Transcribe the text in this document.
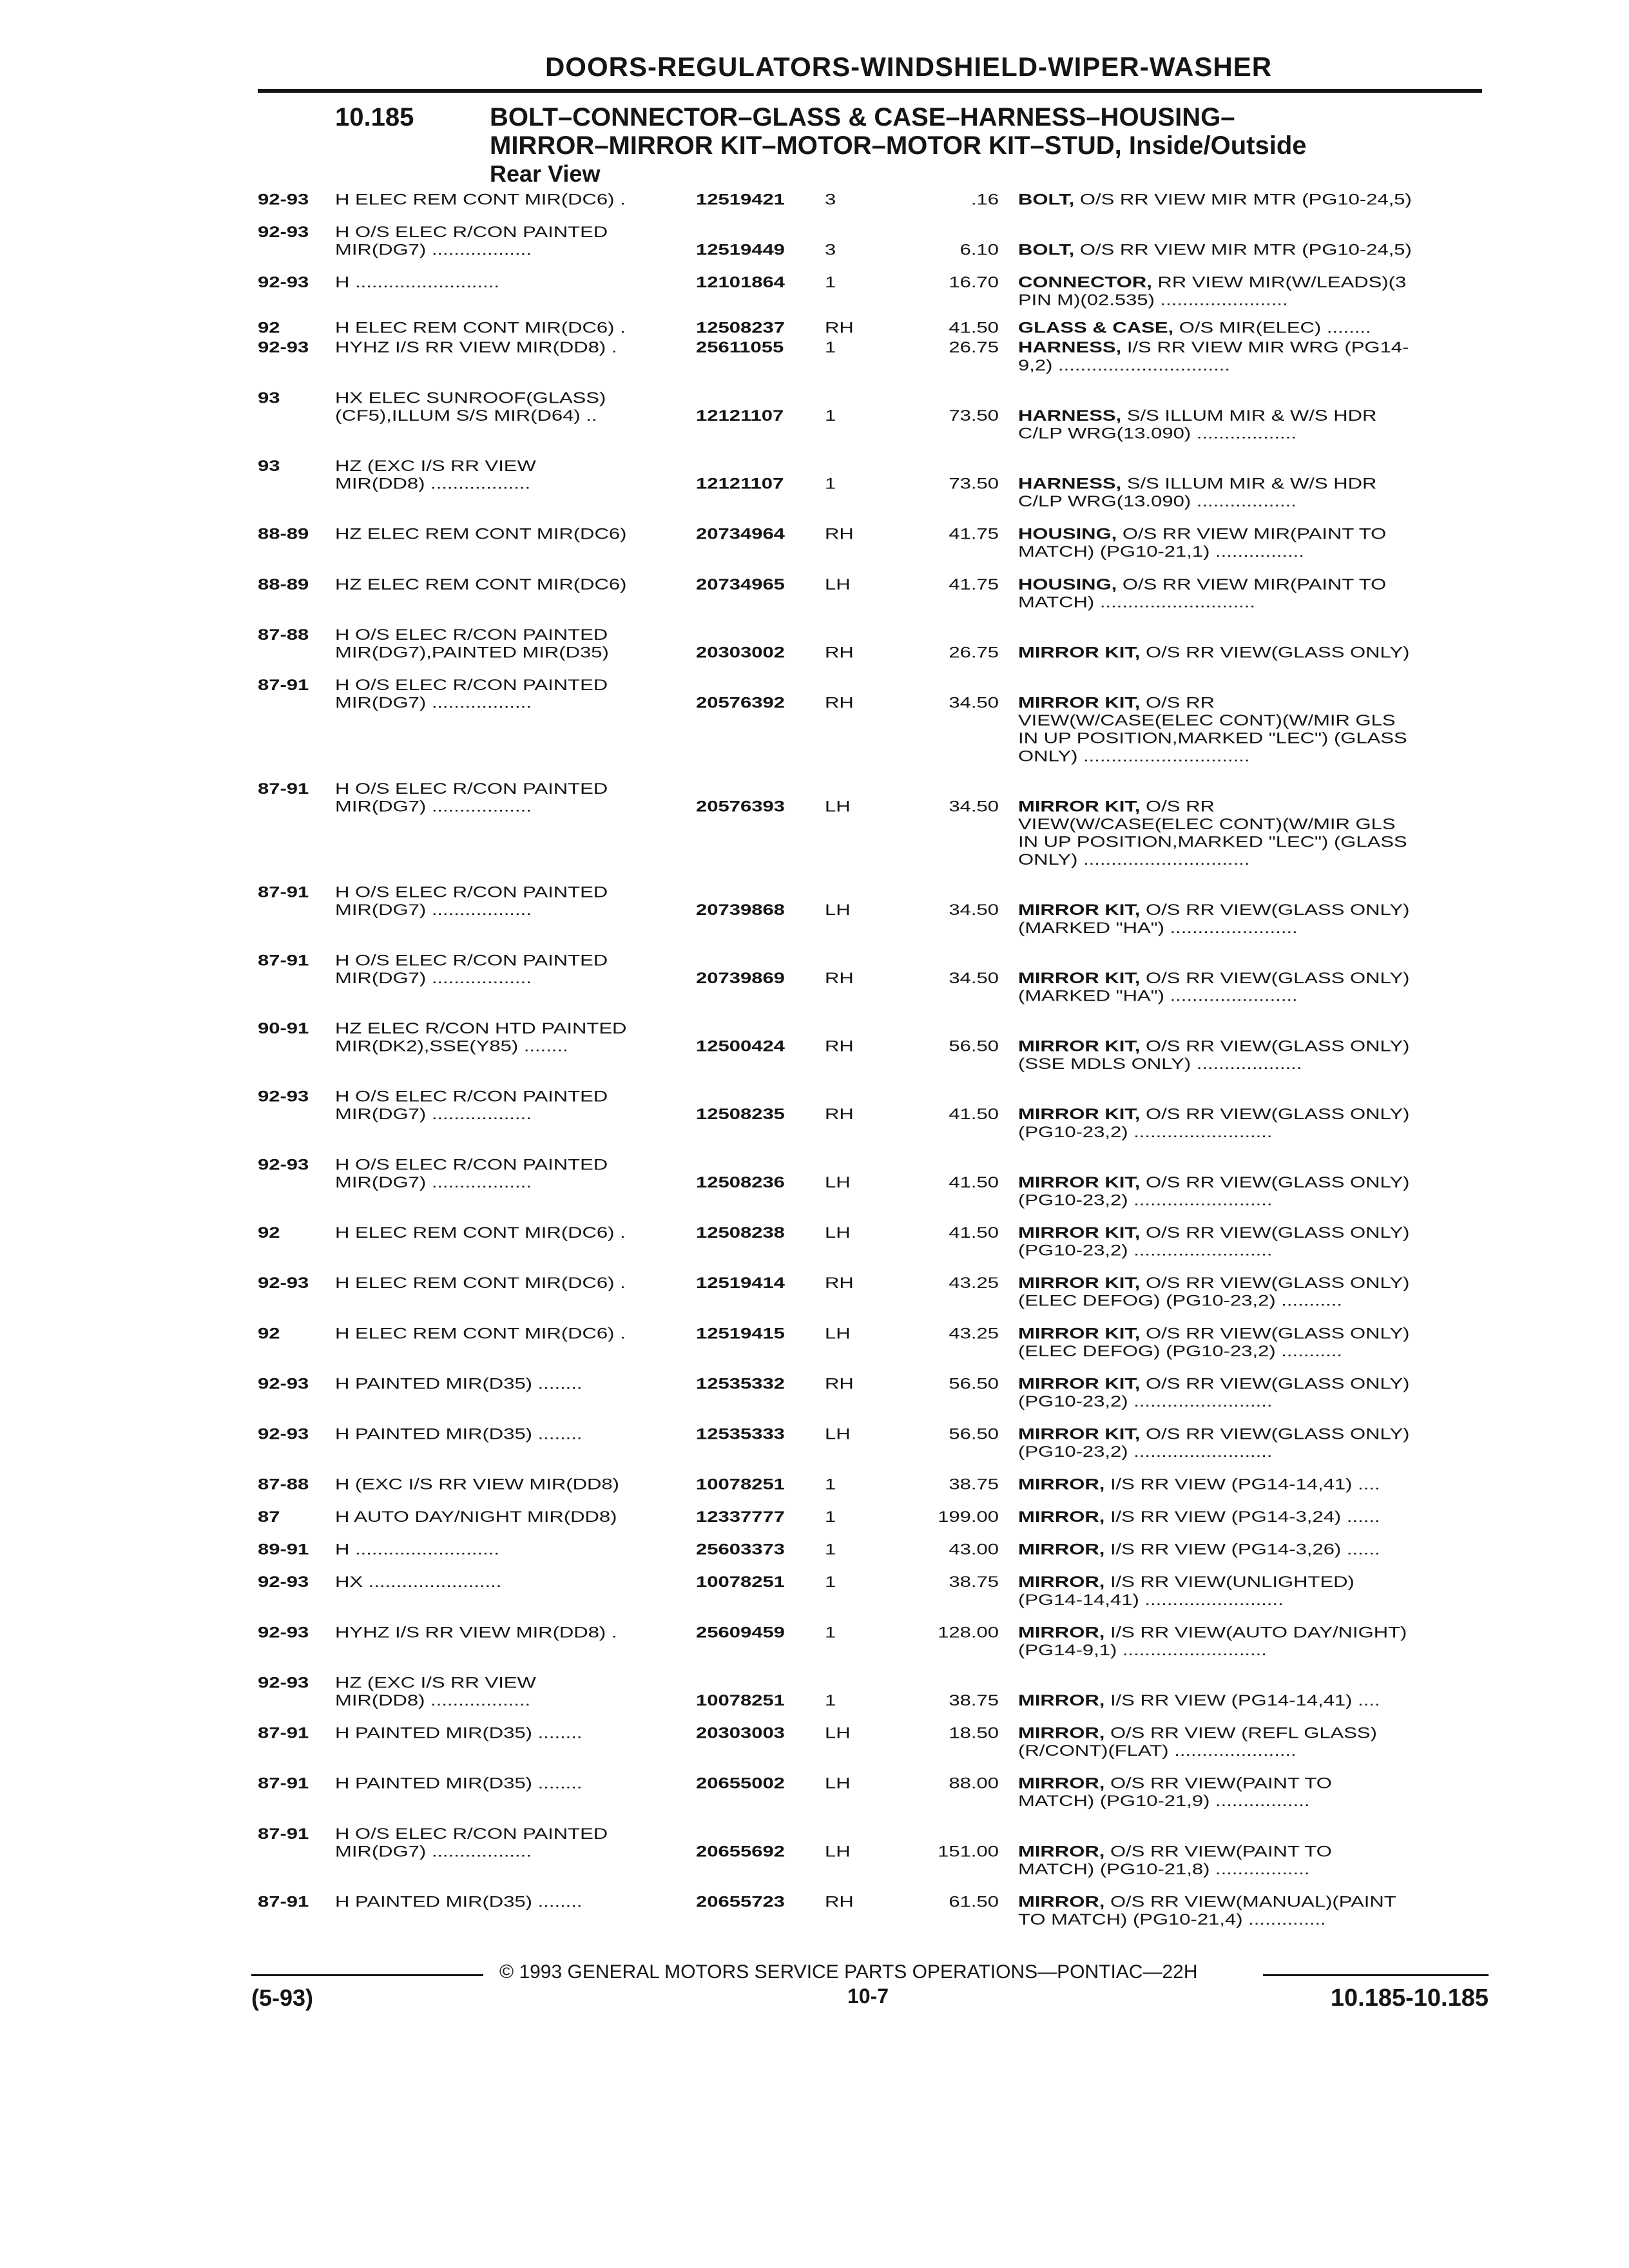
DOORS-REGULATORS-WINDSHIELD-WIPER-WASHER
10.185	BOLT–CONNECTOR–GLASS & CASE–HARNESS–HOUSING–
MIRROR–MIRROR KIT–MOTOR–MOTOR KIT–STUD, Inside/Outside
Rear View
92-93 H ELEC REM CONT MIR(DC6) .	12519421 3	.16 BOLT, O/S RR VIEW MIR MTR (PG10-24,5)
92-93 H O/S ELEC R/CON PAINTED
MIR(DG7) ..................	12519449 3	6.10 BOLT, O/S RR VIEW MIR MTR (PG10-24,5)
92-93 H ..........................	12101864 1	16.70 CONNECTOR, RR VIEW MIR(W/LEADS)(3
PIN M)(02.535) .......................
92	H ELEC REM CONT MIR(DC6) .	12508237 RH	41.50 GLASS & CASE, O/S MIR(ELEC) ........
92-93 HYHZ I/S RR VIEW MIR(DD8) .	25611055 1	26.75 HARNESS, I/S RR VIEW MIR WRG (PG14-
9,2) ...............................
93	HX ELEC SUNROOF(GLASS)
(CF5),ILLUM S/S MIR(D64) ..	12121107 1	73.50 HARNESS, S/S ILLUM MIR & W/S HDR
C/LP WRG(13.090) ..................
93	HZ (EXC I/S RR VIEW
MIR(DD8) ..................	12121107 1	73.50 HARNESS, S/S ILLUM MIR & W/S HDR
C/LP WRG(13.090) ..................
88-89 HZ ELEC REM CONT MIR(DC6)	20734964 RH	41.75 HOUSING, O/S RR VIEW MIR(PAINT TO
MATCH) (PG10-21,1) ................
88-89 HZ ELEC REM CONT MIR(DC6)	20734965 LH	41.75 HOUSING, O/S RR VIEW MIR(PAINT TO
MATCH) ............................
87-88 H O/S ELEC R/CON PAINTED
MIR(DG7),PAINTED MIR(D35)	20303002 RH	26.75 MIRROR KIT, O/S RR VIEW(GLASS ONLY)
87-91 H O/S ELEC R/CON PAINTED
MIR(DG7) ..................	20576392 RH	34.50 MIRROR KIT, O/S RR
VIEW(W/CASE(ELEC CONT)(W/MIR GLS
IN UP POSITION,MARKED "LEC") (GLASS
ONLY) ..............................
87-91 H O/S ELEC R/CON PAINTED
MIR(DG7) ..................	20576393 LH	34.50 MIRROR KIT, O/S RR
VIEW(W/CASE(ELEC CONT)(W/MIR GLS
IN UP POSITION,MARKED "LEC") (GLASS
ONLY) ..............................
87-91 H O/S ELEC R/CON PAINTED
MIR(DG7) ..................	20739868 LH	34.50 MIRROR KIT, O/S RR VIEW(GLASS ONLY)
(MARKED "HA") .......................
87-91 H O/S ELEC R/CON PAINTED
MIR(DG7) ..................	20739869 RH	34.50 MIRROR KIT, O/S RR VIEW(GLASS ONLY)
(MARKED "HA") .......................
90-91 HZ ELEC R/CON HTD PAINTED
MIR(DK2),SSE(Y85) ........	12500424 RH	56.50 MIRROR KIT, O/S RR VIEW(GLASS ONLY)
(SSE MDLS ONLY) ...................
92-93 H O/S ELEC R/CON PAINTED
MIR(DG7) ..................	12508235 RH	41.50 MIRROR KIT, O/S RR VIEW(GLASS ONLY)
(PG10-23,2) .........................
92-93 H O/S ELEC R/CON PAINTED
MIR(DG7) ..................	12508236 LH	41.50 MIRROR KIT, O/S RR VIEW(GLASS ONLY)
(PG10-23,2) .........................
92	H ELEC REM CONT MIR(DC6) .	12508238 LH	41.50 MIRROR KIT, O/S RR VIEW(GLASS ONLY)
(PG10-23,2) .........................
92-93 H ELEC REM CONT MIR(DC6) .	12519414 RH	43.25 MIRROR KIT, O/S RR VIEW(GLASS ONLY)
(ELEC DEFOG) (PG10-23,2) ...........
92	H ELEC REM CONT MIR(DC6) .	12519415 LH	43.25 MIRROR KIT, O/S RR VIEW(GLASS ONLY)
(ELEC DEFOG) (PG10-23,2) ...........
92-93 H PAINTED MIR(D35) ........	12535332 RH	56.50 MIRROR KIT, O/S RR VIEW(GLASS ONLY)
(PG10-23,2) .........................
92-93 H PAINTED MIR(D35) ........	12535333 LH	56.50 MIRROR KIT, O/S RR VIEW(GLASS ONLY)
(PG10-23,2) .........................
87-88 H (EXC I/S RR VIEW MIR(DD8)	10078251 1	38.75 MIRROR, I/S RR VIEW (PG14-14,41) ....
87	H AUTO DAY/NIGHT MIR(DD8)	12337777 1	199.00 MIRROR, I/S RR VIEW (PG14-3,24) ......
89-91 H ..........................	25603373 1	43.00 MIRROR, I/S RR VIEW (PG14-3,26) ......
92-93 HX ........................	10078251 1	38.75 MIRROR, I/S RR VIEW(UNLIGHTED)
(PG14-14,41) .........................
92-93 HYHZ I/S RR VIEW MIR(DD8) .	25609459 1	128.00 MIRROR, I/S RR VIEW(AUTO DAY/NIGHT)
(PG14-9,1) ..........................
92-93 HZ (EXC I/S RR VIEW
MIR(DD8) ..................	10078251 1	38.75 MIRROR, I/S RR VIEW (PG14-14,41) ....
87-91 H PAINTED MIR(D35) ........	20303003 LH	18.50 MIRROR, O/S RR VIEW (REFL GLASS)
(R/CONT)(FLAT) ......................
87-91 H PAINTED MIR(D35) ........	20655002 LH	88.00 MIRROR, O/S RR VIEW(PAINT TO
MATCH) (PG10-21,9) .................
87-91 H O/S ELEC R/CON PAINTED
MIR(DG7) ..................	20655692 LH	151.00 MIRROR, O/S RR VIEW(PAINT TO
MATCH) (PG10-21,8) .................
87-91 H PAINTED MIR(D35) ........	20655723 RH	61.50 MIRROR, O/S RR VIEW(MANUAL)(PAINT
TO MATCH) (PG10-21,4) ..............
© 1993 GENERAL MOTORS SERVICE PARTS OPERATIONS—PONTIAC—22H
(5-93)	10-7	10.185-10.185
